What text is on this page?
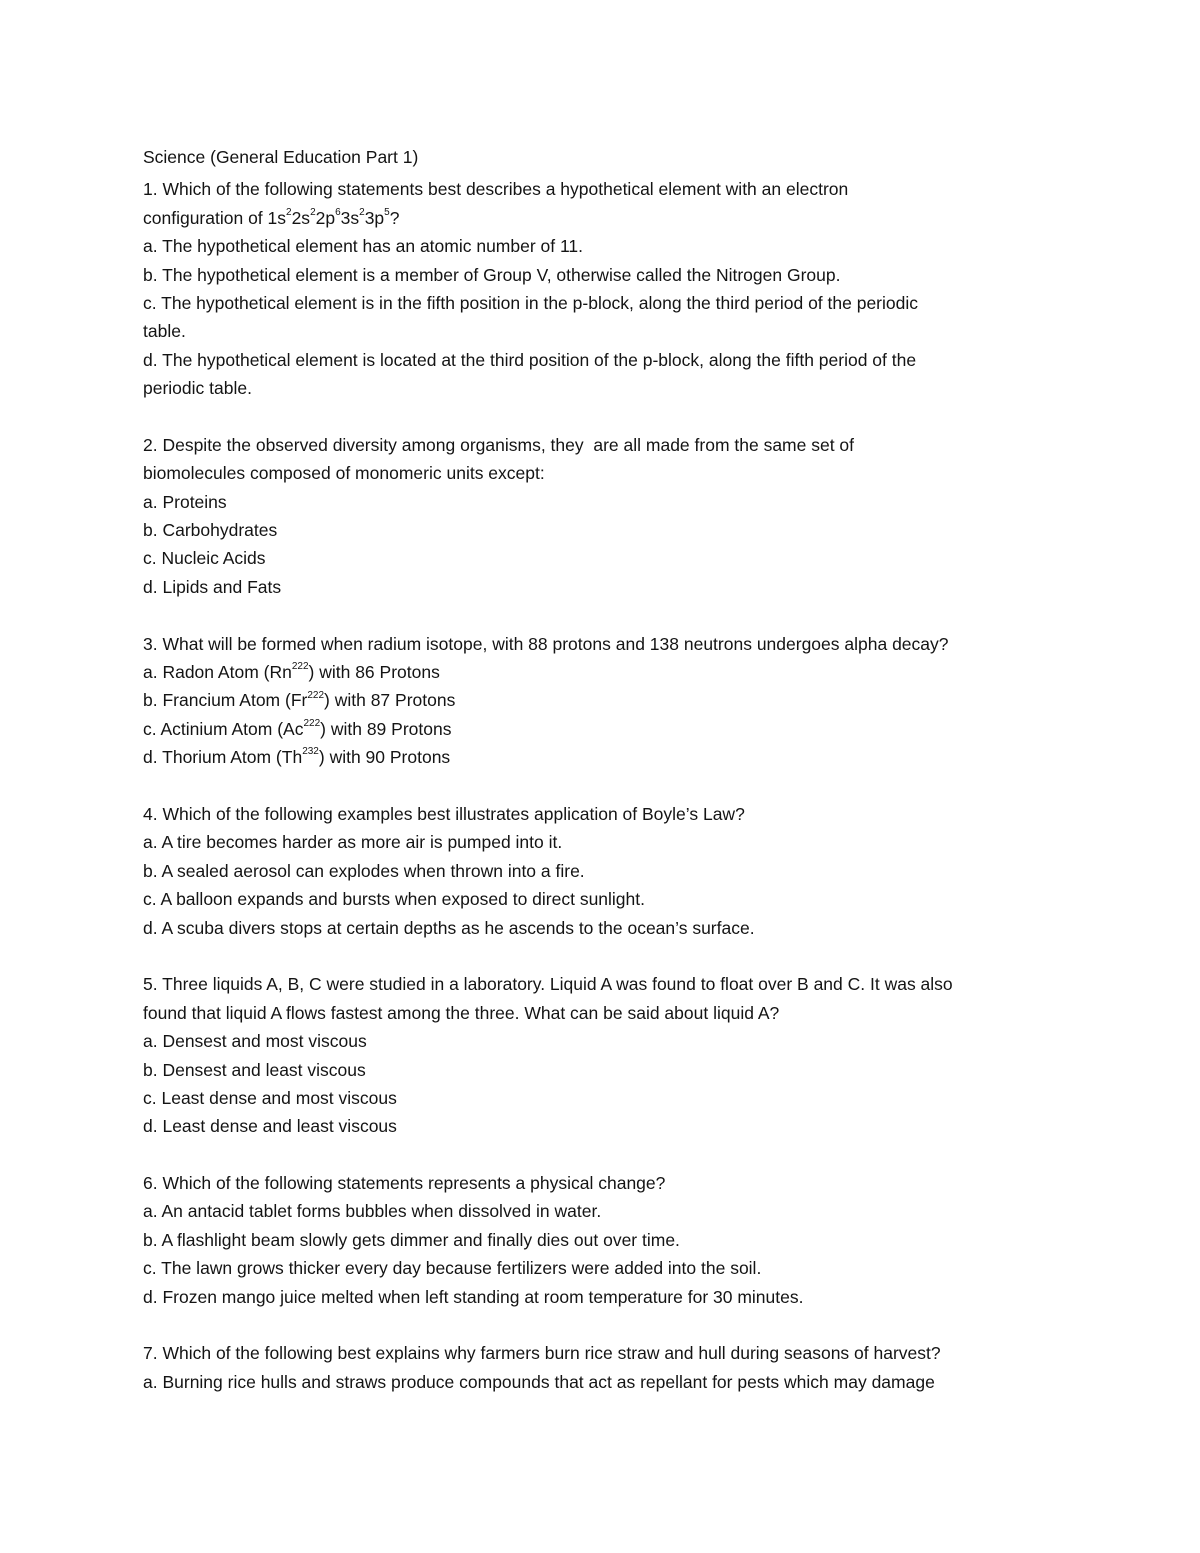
Science (General Education Part 1)
1. Which of the following statements best describes a hypothetical element with an electron
configuration of $1s^22s^22p^63s^23p^5$?
a. The hypothetical element has an atomic number of 11.
b. The hypothetical element is a member of Group V, otherwise called the Nitrogen Group.
c. The hypothetical element is in the fifth position in the p-block, along the third period of the periodic
table.
d. The hypothetical element is located at the third position of the p-block, along the fifth period of the
periodic table.
2. Despite the observed diversity among organisms, they  are all made from the same set of
biomolecules composed of monomeric units except:
a. Proteins
b. Carbohydrates
c. Nucleic Acids
d. Lipids and Fats
3. What will be formed when radium isotope, with 88 protons and 138 neutrons undergoes alpha decay?
a. Radon Atom (Rn$^{222}$) with 86 Protons
b. Francium Atom (Fr$^{222}$) with 87 Protons
c. Actinium Atom (Ac$^{222}$) with 89 Protons
d. Thorium Atom (Th$^{232}$) with 90 Protons
4. Which of the following examples best illustrates application of Boyle’s Law?
a. A tire becomes harder as more air is pumped into it.
b. A sealed aerosol can explodes when thrown into a fire.
c. A balloon expands and bursts when exposed to direct sunlight.
d. A scuba divers stops at certain depths as he ascends to the ocean’s surface.
5. Three liquids A, B, C were studied in a laboratory. Liquid A was found to float over B and C. It was also
found that liquid A flows fastest among the three. What can be said about liquid A?
a. Densest and most viscous
b. Densest and least viscous
c. Least dense and most viscous
d. Least dense and least viscous
6. Which of the following statements represents a physical change?
a. An antacid tablet forms bubbles when dissolved in water.
b. A flashlight beam slowly gets dimmer and finally dies out over time.
c. The lawn grows thicker every day because fertilizers were added into the soil.
d. Frozen mango juice melted when left standing at room temperature for 30 minutes.
7. Which of the following best explains why farmers burn rice straw and hull during seasons of harvest?
a. Burning rice hulls and straws produce compounds that act as repellant for pests which may damage
